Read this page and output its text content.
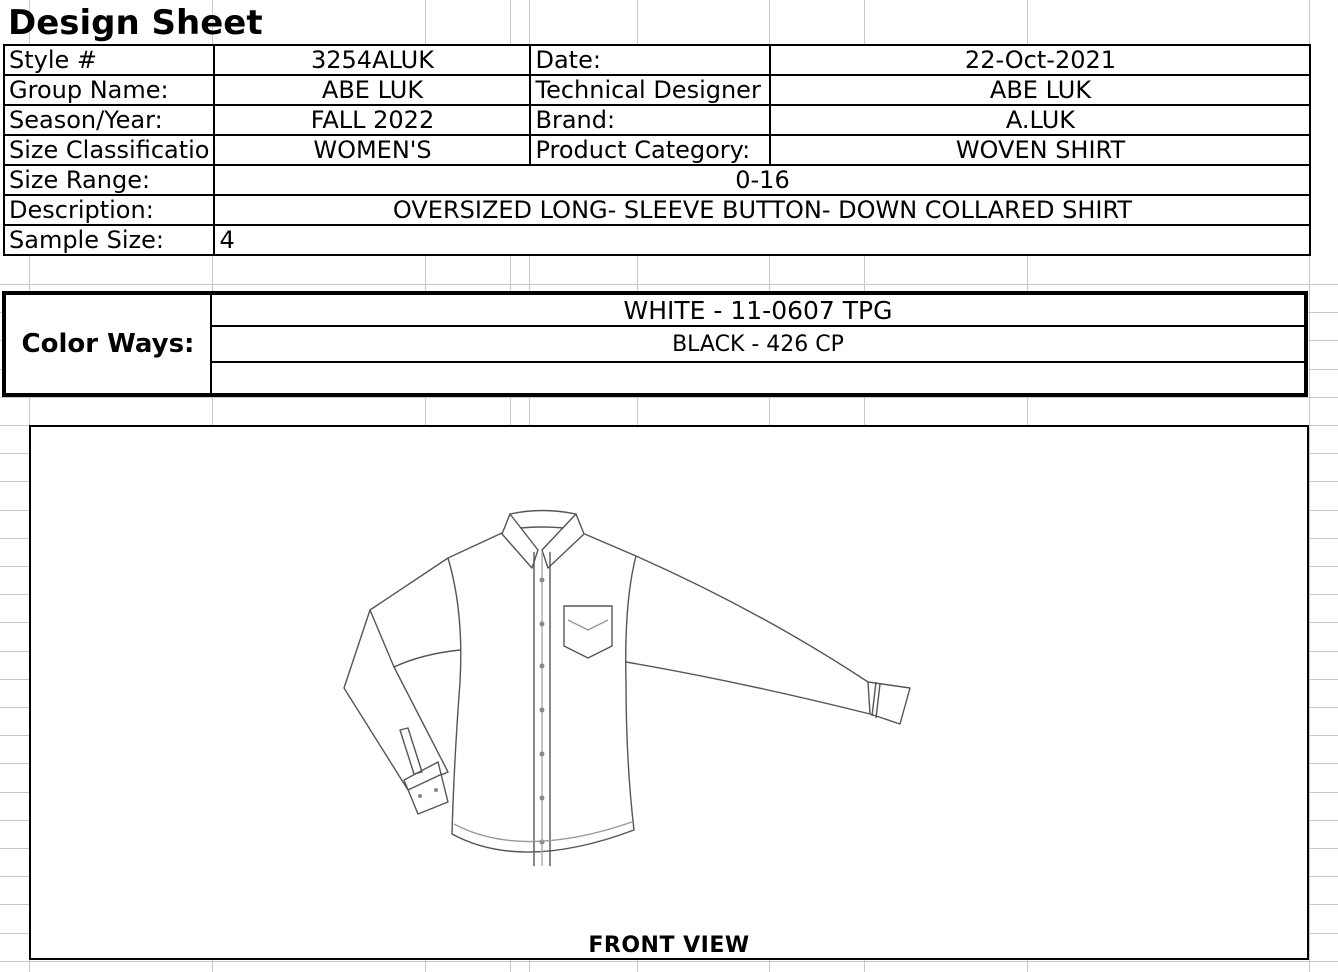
Design Sheet
Style #	3254ALUK	Date:	22-Oct-2021
Group Name:	ABE LUK	Technical Designer	ABE LUK
Season/Year:	FALL 2022	Brand:	A.LUK
Size Classificatio	WOMEN'S	Product Category:	WOVEN SHIRT
Size Range:	0-16		
Description:	OVERSIZED LONG- SLEEVE BUTTON- DOWN COLLARED SHIRT		
Sample Size:	4		
Color Ways:
WHITE - 11-0607 TPG
BLACK - 426 CP
FRONT VIEW
